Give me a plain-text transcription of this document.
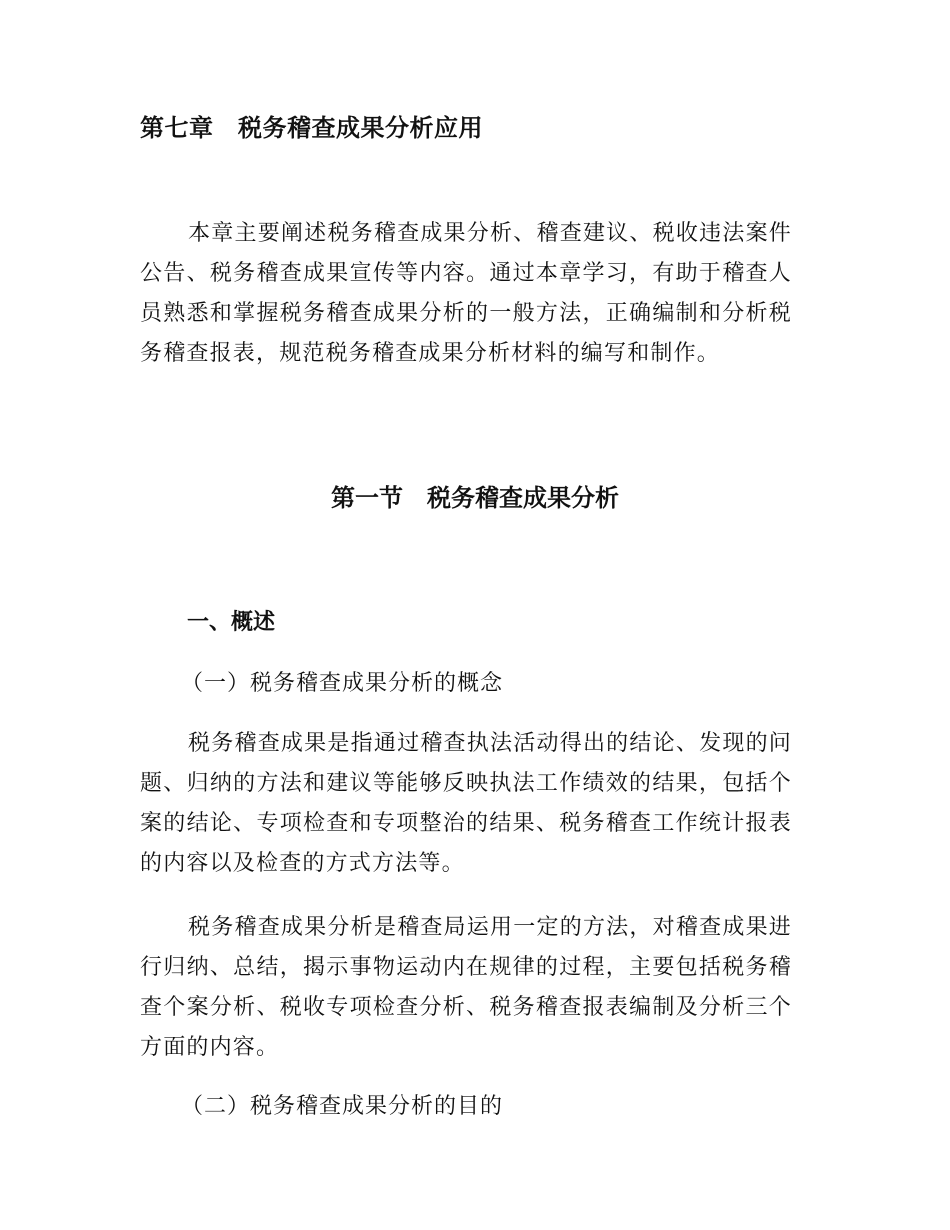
第七章　税务稽查成果分析应用

本章主要阐述税务稽查成果分析、稽查建议、税收违法案件公告、税务稽查成果宣传等内容。通过本章学习，有助于稽查人员熟悉和掌握税务稽查成果分析的一般方法，正确编制和分析税务稽查报表，规范税务稽查成果分析材料的编写和制作。

第一节　税务稽查成果分析
一、概述
（一）税务稽查成果分析的概念

税务稽查成果是指通过稽查执法活动得出的结论、发现的问题、归纳的方法和建议等能够反映执法工作绩效的结果，包括个案的结论、专项检查和专项整治的结果、税务稽查工作统计报表的内容以及检查的方式方法等。

税务稽查成果分析是稽查局运用一定的方法，对稽查成果进行归纳、总结，揭示事物运动内在规律的过程，主要包括税务稽查个案分析、税收专项检查分析、税务稽查报表编制及分析三个方面的内容。

（二）税务稽查成果分析的目的
